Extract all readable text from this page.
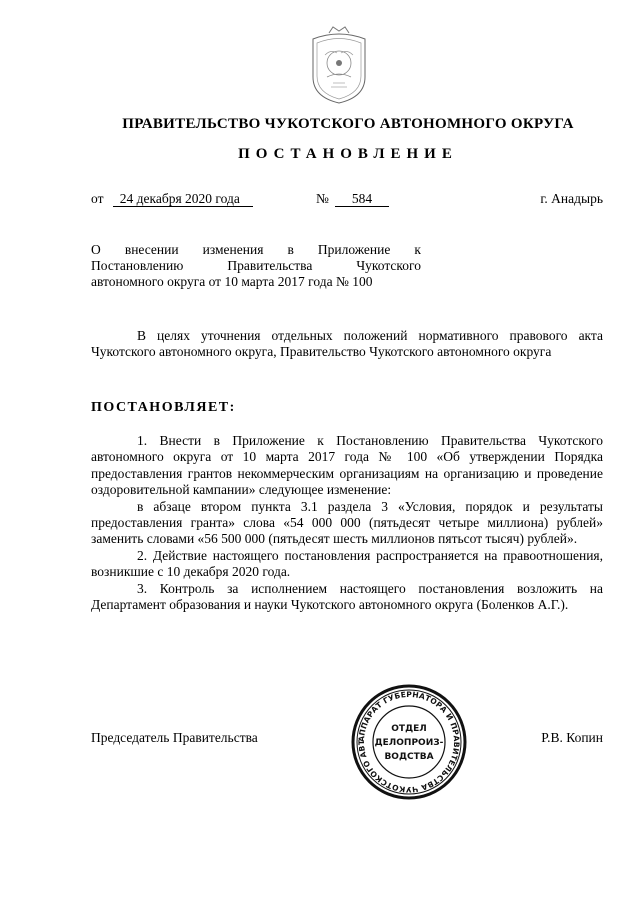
ПРАВИТЕЛЬСТВО ЧУКОТСКОГО АВТОНОМНОГО ОКРУГА
ПОСТАНОВЛЕНИЕ
от	24 декабря 2020 года	№	584	г. Анадырь
О внесении изменения в Приложение к
Постановлению Правительства Чукотского
автономного округа от 10 марта 2017 года № 100
В целях уточнения отдельных положений нормативного правового акта Чукотского автономного округа, Правительство Чукотского автономного округа
ПОСТАНОВЛЯЕТ:

1. Внести в Приложение к Постановлению Правительства Чукотского автономного округа от 10 марта 2017 года № 100 «Об утверждении Порядка предоставления грантов некоммерческим организациям на организацию и проведение оздоровительной кампании» следующее изменение:

в абзаце втором пункта 3.1 раздела 3 «Условия, порядок и результаты предоставления гранта» слова «54 000 000 (пятьдесят четыре миллиона) рублей» заменить словами «56 500 000 (пятьдесят шесть миллионов пятьсот тысяч) рублей».

2. Действие настоящего постановления распространяется на правоотношения, возникшие с 10 декабря 2020 года.

3. Контроль за исполнением настоящего постановления возложить на Департамент образования и науки Чукотского автономного округа (Боленков А.Г.).

Председатель Правительства	Р.В. Копин
АППАРАТ ГУБЕРНАТОРА И ПРАВИТЕЛЬСТВА ЧУКОТСКОГО АВТ
ОТДЕЛ
ДЕЛОПРОИЗ-
ВОДСТВА
